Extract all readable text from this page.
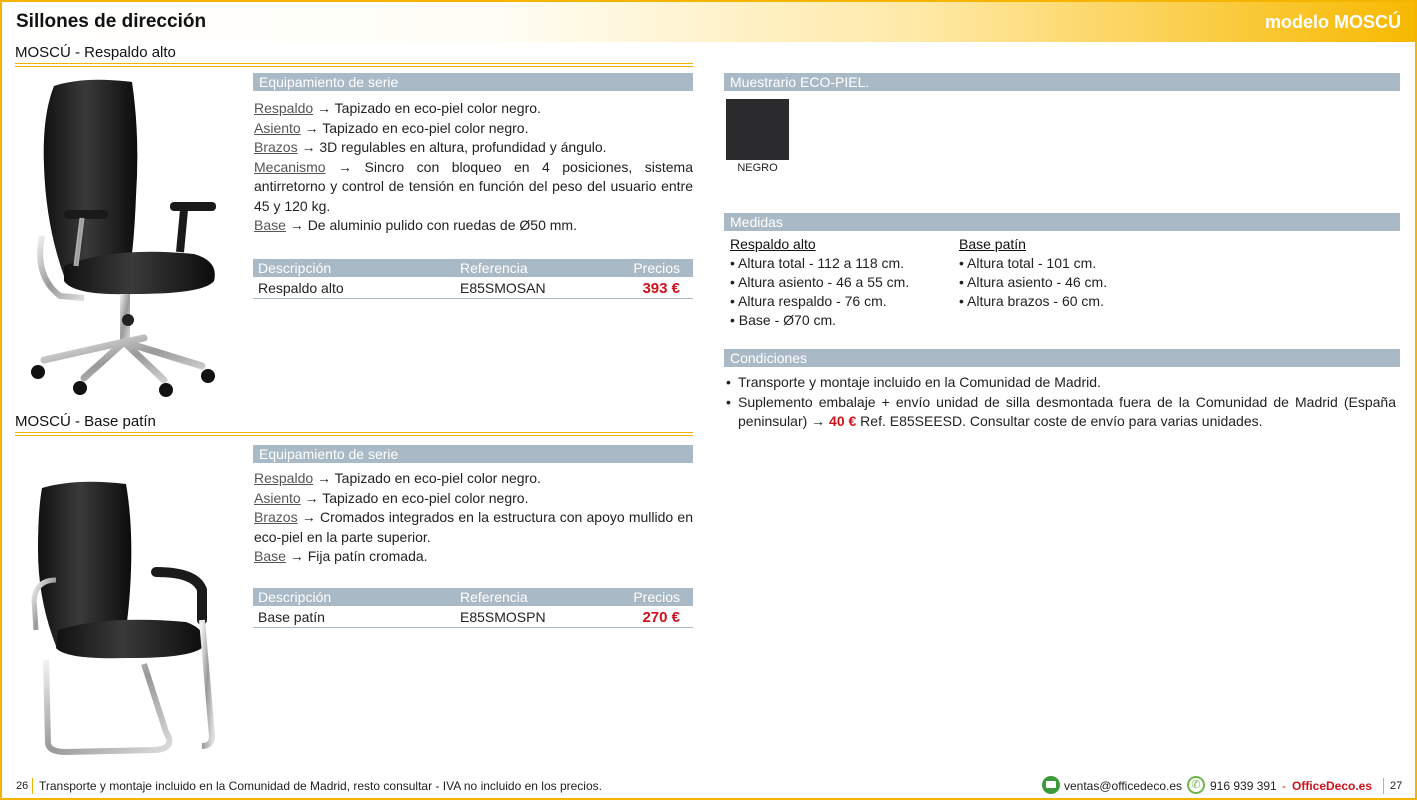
Sillones de dirección	modelo MOSCÚ
MOSCÚ - Respaldo alto
Equipamiento de serie
Respaldo → Tapizado en eco-piel color negro.
Asiento → Tapizado en eco-piel color negro.
Brazos → 3D regulables en altura, profundidad y ángulo.
Mecanismo → Sincro con bloqueo en 4 posiciones, sistema antirretorno y control de tensión en función del peso del usuario entre 45 y 120 kg.
Base → De aluminio pulido con ruedas de Ø50 mm.
Descripción	Referencia	Precios
Respaldo alto	E85SMOSAN	393 €
MOSCÚ - Base patín
Equipamiento de serie
Respaldo → Tapizado en eco-piel color negro.
Asiento → Tapizado en eco-piel color negro.
Brazos → Cromados integrados en la estructura con apoyo mullido en eco-piel en la parte superior.
Base → Fija patín cromada.
Descripción	Referencia	Precios
Base patín	E85SMOSPN	270 €
Muestrario ECO-PIEL.
NEGRO
Medidas
Respaldo alto
• Altura total - 112 a 118 cm.
• Altura asiento - 46 a 55 cm.
• Altura respaldo - 76 cm.
• Base - Ø70 cm.
Base patín
• Altura total - 101 cm.
• Altura asiento - 46 cm.
• Altura brazos - 60 cm.
Condiciones
• Transporte y montaje incluido en la Comunidad de Madrid.
• Suplemento embalaje + envío unidad de silla desmontada fuera de la Comunidad de Madrid (España peninsular) → 40 € Ref. E85SEESD. Consultar coste de envío para varias unidades.
26 Transporte y montaje incluido en la Comunidad de Madrid, resto consultar - IVA no incluido en los precios.	ventas@officedeco.es ✆ 916 939 391 - OfficeDeco.es 27
